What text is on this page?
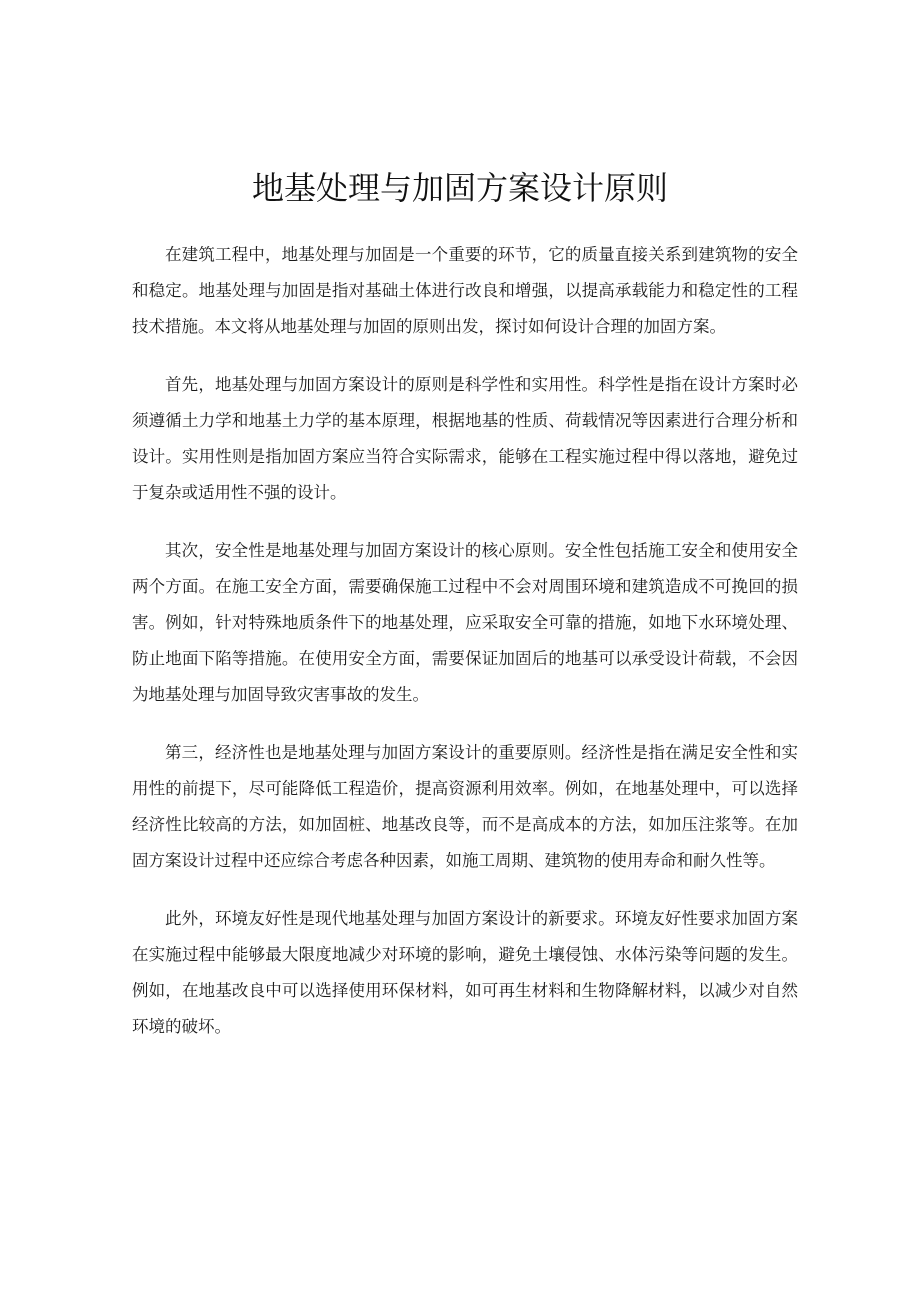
地基处理与加固方案设计原则

在建筑工程中，地基处理与加固是一个重要的环节，它的质量直接关系到建筑物的安全和稳定。地基处理与加固是指对基础土体进行改良和增强，以提高承载能力和稳定性的工程技术措施。本文将从地基处理与加固的原则出发，探讨如何设计合理的加固方案。

首先，地基处理与加固方案设计的原则是科学性和实用性。科学性是指在设计方案时必须遵循土力学和地基土力学的基本原理，根据地基的性质、荷载情况等因素进行合理分析和设计。实用性则是指加固方案应当符合实际需求，能够在工程实施过程中得以落地，避免过于复杂或适用性不强的设计。

其次，安全性是地基处理与加固方案设计的核心原则。安全性包括施工安全和使用安全两个方面。在施工安全方面，需要确保施工过程中不会对周围环境和建筑造成不可挽回的损害。例如，针对特殊地质条件下的地基处理，应采取安全可靠的措施，如地下水环境处理、防止地面下陷等措施。在使用安全方面，需要保证加固后的地基可以承受设计荷载，不会因为地基处理与加固导致灾害事故的发生。

第三，经济性也是地基处理与加固方案设计的重要原则。经济性是指在满足安全性和实用性的前提下，尽可能降低工程造价，提高资源利用效率。例如，在地基处理中，可以选择经济性比较高的方法，如加固桩、地基改良等，而不是高成本的方法，如加压注浆等。在加固方案设计过程中还应综合考虑各种因素，如施工周期、建筑物的使用寿命和耐久性等。

此外，环境友好性是现代地基处理与加固方案设计的新要求。环境友好性要求加固方案在实施过程中能够最大限度地减少对环境的影响，避免土壤侵蚀、水体污染等问题的发生。例如，在地基改良中可以选择使用环保材料，如可再生材料和生物降解材料，以减少对自然环境的破坏。
